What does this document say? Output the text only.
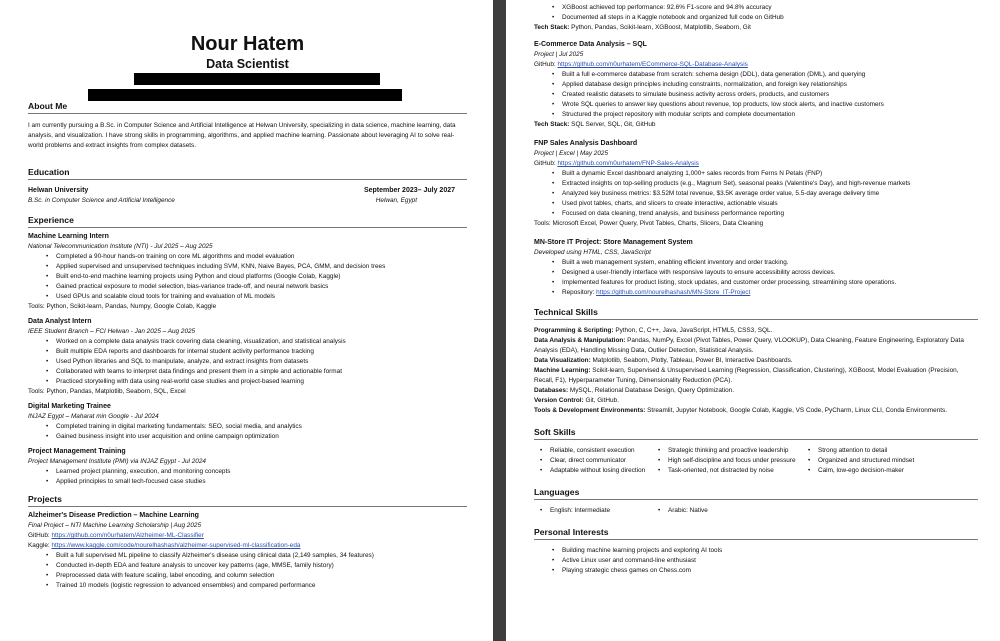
Nour Hatem
Data Scientist
About Me
I am currently pursuing a B.Sc. in Computer Science and Artificial Intelligence at Helwan University, specializing in data science, machine learning, data analysis, and visualization. I have strong skills in programming, algorithms, and applied machine learning. Passionate about leveraging AI to solve real-world problems and extract insights from complex datasets.
Education
Helwan University	September 2023– July 2027
B.Sc. in Computer Science and Artificial Intelligence	Helwan, Egypt
Experience
Machine Learning Intern
National Telecommunication Institute (NTI) - Jul 2025 – Aug 2025
• Completed a 90-hour hands-on training on core ML algorithms and model evaluation
• Applied supervised and unsupervised techniques including SVM, KNN, Naive Bayes, PCA, GMM, and decision trees
• Built end-to-end machine learning projects using Python and cloud platforms (Google Colab, Kaggle)
• Gained practical exposure to model selection, bias-variance trade-off, and neural network basics
• Used GPUs and scalable cloud tools for training and evaluation of ML models
Tools: Python, Scikit-learn, Pandas, Numpy, Google Colab, Kaggle
Data Analyst Intern
IEEE Student Branch – FCI Helwan - Jan 2025 – Aug 2025
• Worked on a complete data analysis track covering data cleaning, visualization, and statistical analysis
• Built multiple EDA reports and dashboards for internal student activity performance tracking
• Used Python libraries and SQL to manipulate, analyze, and extract insights from datasets
• Collaborated with teams to interpret data findings and present them in a simple and actionable format
• Practiced storytelling with data using real-world case studies and project-based learning
Tools: Python, Pandas, Matplotlib, Seaborn, SQL, Excel
Digital Marketing Trainee
INJAZ Egypt – Maharat min Google - Jul 2024
• Completed training in digital marketing fundamentals: SEO, social media, and analytics
• Gained business insight into user acquisition and online campaign optimization
Project Management Training
Project Management Institute (PMI) via INJAZ Egypt - Jul 2024
• Learned project planning, execution, and monitoring concepts
• Applied principles to small tech-focused case studies
Projects
Alzheimer's Disease Prediction – Machine Learning
Final Project – NTI Machine Learning Scholarship | Aug 2025
GitHub: https://github.com/n0urhatem/Alzheimer-ML-Classifier
Kaggle: https://www.kaggle.com/code/nourelhashash/alzheimer-supervised-ml-classification-eda
• Built a full supervised ML pipeline to classify Alzheimer's disease using clinical data (2,149 samples, 34 features)
• Conducted in-depth EDA and feature analysis to uncover key patterns (age, MMSE, family history)
• Preprocessed data with feature scaling, label encoding, and column selection
• Trained 10 models (logistic regression to advanced ensembles) and compared performance
• XGBoost achieved top performance: 92.6% F1-score and 94.8% accuracy
• Documented all steps in a Kaggle notebook and organized full code on GitHub
Tech Stack: Python, Pandas, Scikit-learn, XGBoost, Matplotlib, Seaborn, Git
E-Commerce Data Analysis – SQL
Project | Jul 2025
GitHub: https://github.com/n0urhatem/ECommerce-SQL-Database-Analysis
• Built a full e-commerce database from scratch: schema design (DDL), data generation (DML), and querying
• Applied database design principles including constraints, normalization, and foreign key relationships
• Created realistic datasets to simulate business activity across orders, products, and customers
• Wrote SQL queries to answer key questions about revenue, top products, low stock alerts, and inactive customers
• Structured the project repository with modular scripts and complete documentation
Tech Stack: SQL Server, SQL, Git, GitHub
FNP Sales Analysis Dashboard
Project | Excel | May 2025
GitHub: https://github.com/n0urhatem/FNP-Sales-Analysis
• Built a dynamic Excel dashboard analyzing 1,000+ sales records from Ferns N Petals (FNP)
• Extracted insights on top-selling products (e.g., Magnum Set), seasonal peaks (Valentine's Day), and high-revenue markets
• Analyzed key business metrics: $3.52M total revenue, $3.5K average order value, 5.5-day average delivery time
• Used pivot tables, charts, and slicers to create interactive, actionable visuals
• Focused on data cleaning, trend analysis, and business performance reporting
Tools: Microsoft Excel, Power Query, Pivot Tables, Charts, Slicers, Data Cleaning
MN-Store IT Project: Store Management System
Developed using HTML, CSS, JavaScript
• Built a web management system, enabling efficient inventory and order tracking.
• Designed a user-friendly interface with responsive layouts to ensure accessibility across devices.
• Implemented features for product listing, stock updates, and customer order processing, streamlining store operations.
• Repository: https://github.com/nourelhashash/MN-Store_IT-Project
Technical Skills
Programming & Scripting: Python, C, C++, Java, JavaScript, HTML5, CSS3, SQL.
Data Analysis & Manipulation: Pandas, NumPy, Excel (Pivot Tables, Power Query, VLOOKUP), Data Cleaning, Feature Engineering, Exploratory Data Analysis (EDA), Handling Missing Data, Outlier Detection, Statistical Analysis.
Data Visualization: Matplotlib, Seaborn, Plotly, Tableau, Power BI, Interactive Dashboards.
Machine Learning: Scikit-learn, Supervised & Unsupervised Learning (Regression, Classification, Clustering), XGBoost, Model Evaluation (Precision, Recall, F1), Hyperparameter Tuning, Dimensionality Reduction (PCA).
Databases: MySQL, Relational Database Design, Query Optimization.
Version Control: Git, GitHub.
Tools & Development Environments: Streamlit, Jupyter Notebook, Google Colab, Kaggle, VS Code, PyCharm, Linux CLI, Conda Environments.
Soft Skills
• Reliable, consistent execution
• Clear, direct communicator
• Adaptable without losing direction
• Strategic thinking and proactive leadership
• High self-discipline and focus under pressure
• Task-oriented, not distracted by noise
• Strong attention to detail
• Organized and structured mindset
• Calm, low-ego decision-maker
Languages
• English: Intermediate
•	Arabic: Native
Personal Interests
• Building machine learning projects and exploring AI tools
• Active Linux user and command-line enthusiast
• Playing strategic chess games on Chess.com
